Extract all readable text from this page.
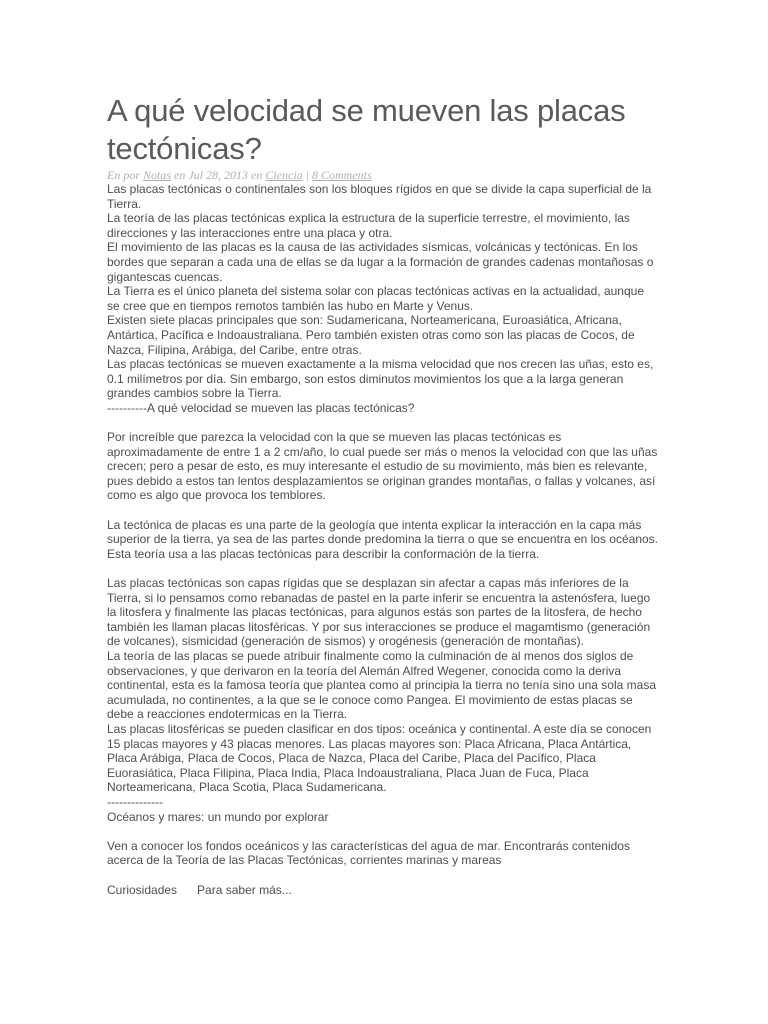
A qué velocidad se mueven las placas tectónicas?
En por Notas en Jul 28, 2013 en Ciencia | 8 Comments

Las placas tectónicas o continentales son los bloques rígidos en que se divide la capa superficial de la Tierra.

La teoría de las placas tectónicas explica la estructura de la superficie terrestre, el movimiento, las direcciones y las interacciones entre una placa y otra.

El movimiento de las placas es la causa de las actividades sísmicas, volcánicas y tectónicas. En los bordes que separan a cada una de ellas se da lugar a la formación de grandes cadenas montañosas o gigantescas cuencas.

La Tierra es el único planeta del sistema solar con placas tectónicas activas en la actualidad, aunque se cree que en tiempos remotos también las hubo en Marte y Venus.

Existen siete placas principales que son: Sudamericana, Norteamericana, Euroasiática, Africana, Antártica, Pacífica e Indoaustraliana. Pero también existen otras como son las placas de Cocos, de Nazca, Filipina, Arábiga, del Caribe, entre otras.

Las placas tectónicas se mueven exactamente a la misma velocidad que nos crecen las uñas, esto es, 0.1 milímetros por día. Sin embargo, son estos diminutos movimientos los que a la larga generan grandes cambios sobre la Tierra.

----------A qué velocidad se mueven las placas tectónicas?

Por increíble que parezca la velocidad con la que se mueven las placas tectónicas es aproximadamente de entre 1 a 2 cm/año, lo cual puede ser más o menos la velocidad con que las uñas crecen; pero a pesar de esto, es muy interesante el estudio de su movimiento, más bien es relevante, pues debido a estos tan lentos desplazamientos se originan grandes montañas, o fallas y volcanes, así como es algo que provoca los temblores.

La tectónica de placas es una parte de la geología que intenta explicar la interacción en la capa más superior de la tierra, ya sea de las partes donde predomina la tierra o que se encuentra en los océanos. Esta teoría usa a las placas tectónicas para describir la conformación de la tierra.

Las placas tectónicas son capas rígidas que se desplazan sin afectar a capas más inferiores de la Tierra, si lo pensamos como rebanadas de pastel en la parte inferir se encuentra la astenósfera, luego la litosfera y finalmente las placas tectónicas, para algunos estás son partes de la litosfera, de hecho también les llaman placas litosféricas. Y por sus interacciones se produce el magamtismo (generación de volcanes), sismicidad (generación de sismos) y orogénesis (generación de montañas).

La teoría de las placas se puede atribuir finalmente como la culminación de al menos dos siglos de observaciones, y que derivaron en la teoría del Alemán Alfred Wegener, conocida como la deriva continental, esta es la famosa teoría que plantea como al principia la tierra no tenía sino una sola masa acumulada, no continentes, a la que se le conoce como Pangea. El movimiento de estas placas se debe a reacciones endotermicas en la Tierra.

Las placas litosféricas se pueden clasificar en dos tipos: oceánica y continental. A este día se conocen 15 placas mayores y 43 placas menores. Las placas mayores son: Placa Africana, Placa Antártica, Placa Arábiga, Placa de Cocos, Placa de Nazca, Placa del Caribe, Placa del Pacífico, Placa Euorasiática, Placa Filipina, Placa India, Placa Indoaustraliana, Placa Juan de Fuca, Placa Norteamericana, Placa Scotia, Placa Sudamericana.

--------------

Océanos y mares: un mundo por explorar

Ven a conocer los fondos oceánicos y las características del agua de mar. Encontrarás contenidos acerca de la Teoría de las Placas Tectónicas, corrientes marinas y mareas

Curiosidades Para saber más...
